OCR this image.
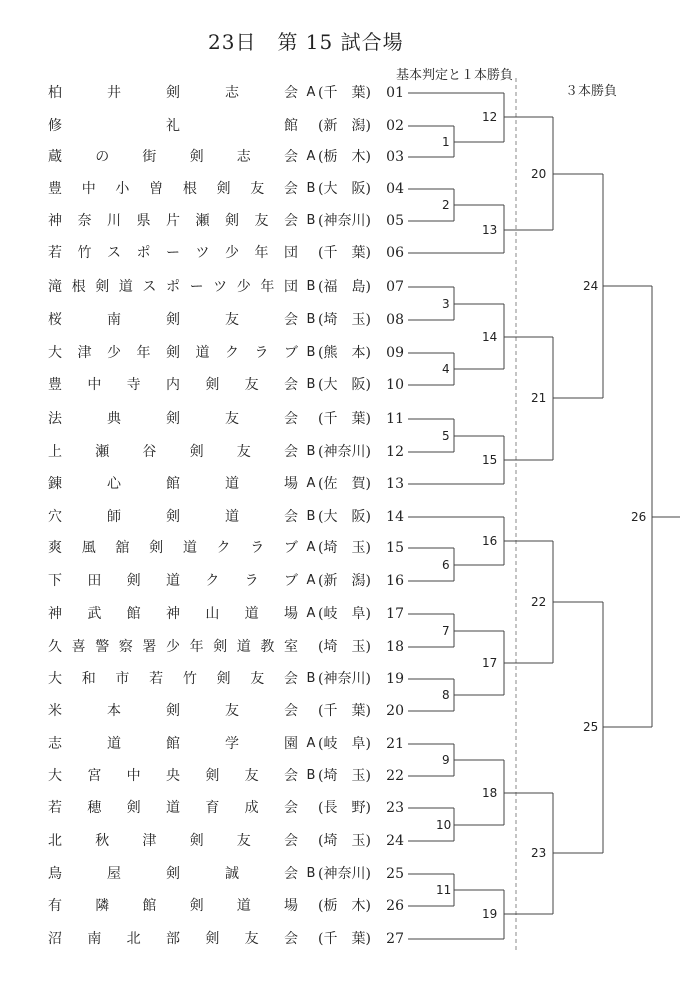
23日　第 15 試合場
基本判定と１本勝負
３本勝負
柏	井	剣	志	会 A (千　葉) 01
修	礼	館 (新　潟) 02
蔵 の 街 剣 志 会 A (栃　木) 03
豊 中 小 曽 根 剣 友 会 B (大　阪) 04
神 奈 川 県 片 瀬 剣 友 会 B (神奈川) 05
若 竹 ス ポ ー ツ 少 年 団 (千　葉) 06
滝 根 剣 道 ス ポ ー ツ 少 年 団 B (福　島) 07
桜	南	剣	友	会 B (埼　玉) 08
大 津 少 年 剣 道 ク ラ ブ B (熊　本) 09
豊 中 寺 内 剣 友 会 B (大　阪) 10
法	典	剣	友	会 (千　葉) 11
上 瀬 谷 剣 友 会 B (神奈川) 12
錬	心	館	道	場 A (佐　賀) 13
穴	師	剣	道	会 B (大　阪) 14
爽 風 舘 剣 道 ク ラ ブ A (埼　玉) 15
下 田 剣 道 ク ラ ブ A (新　潟) 16
神 武 館 神 山 道 場 A (岐　阜) 17
久 喜 警 察 署 少 年 剣 道 教 室 (埼　玉) 18
大 和 市 若 竹 剣 友 会 B (神奈川) 19
米	本	剣	友	会 (千　葉) 20
志	道	館	学	園 A (岐　阜) 21
大 宮 中 央 剣 友 会 B (埼　玉) 22
若 穂 剣 道 育 成 会 (長　野) 23
北 秋 津 剣 友 会 (埼　玉) 24
鳥	屋	剣	誠	会 B (神奈川) 25
有 隣 館 剣 道 場 (栃　木) 26
沼 南 北 部 剣 友 会 (千　葉) 27
1
2
3
4
5
6
7
8
9
10
11
12
13
14
15
16
17
18
19
20
21
22
23
24
25
26
